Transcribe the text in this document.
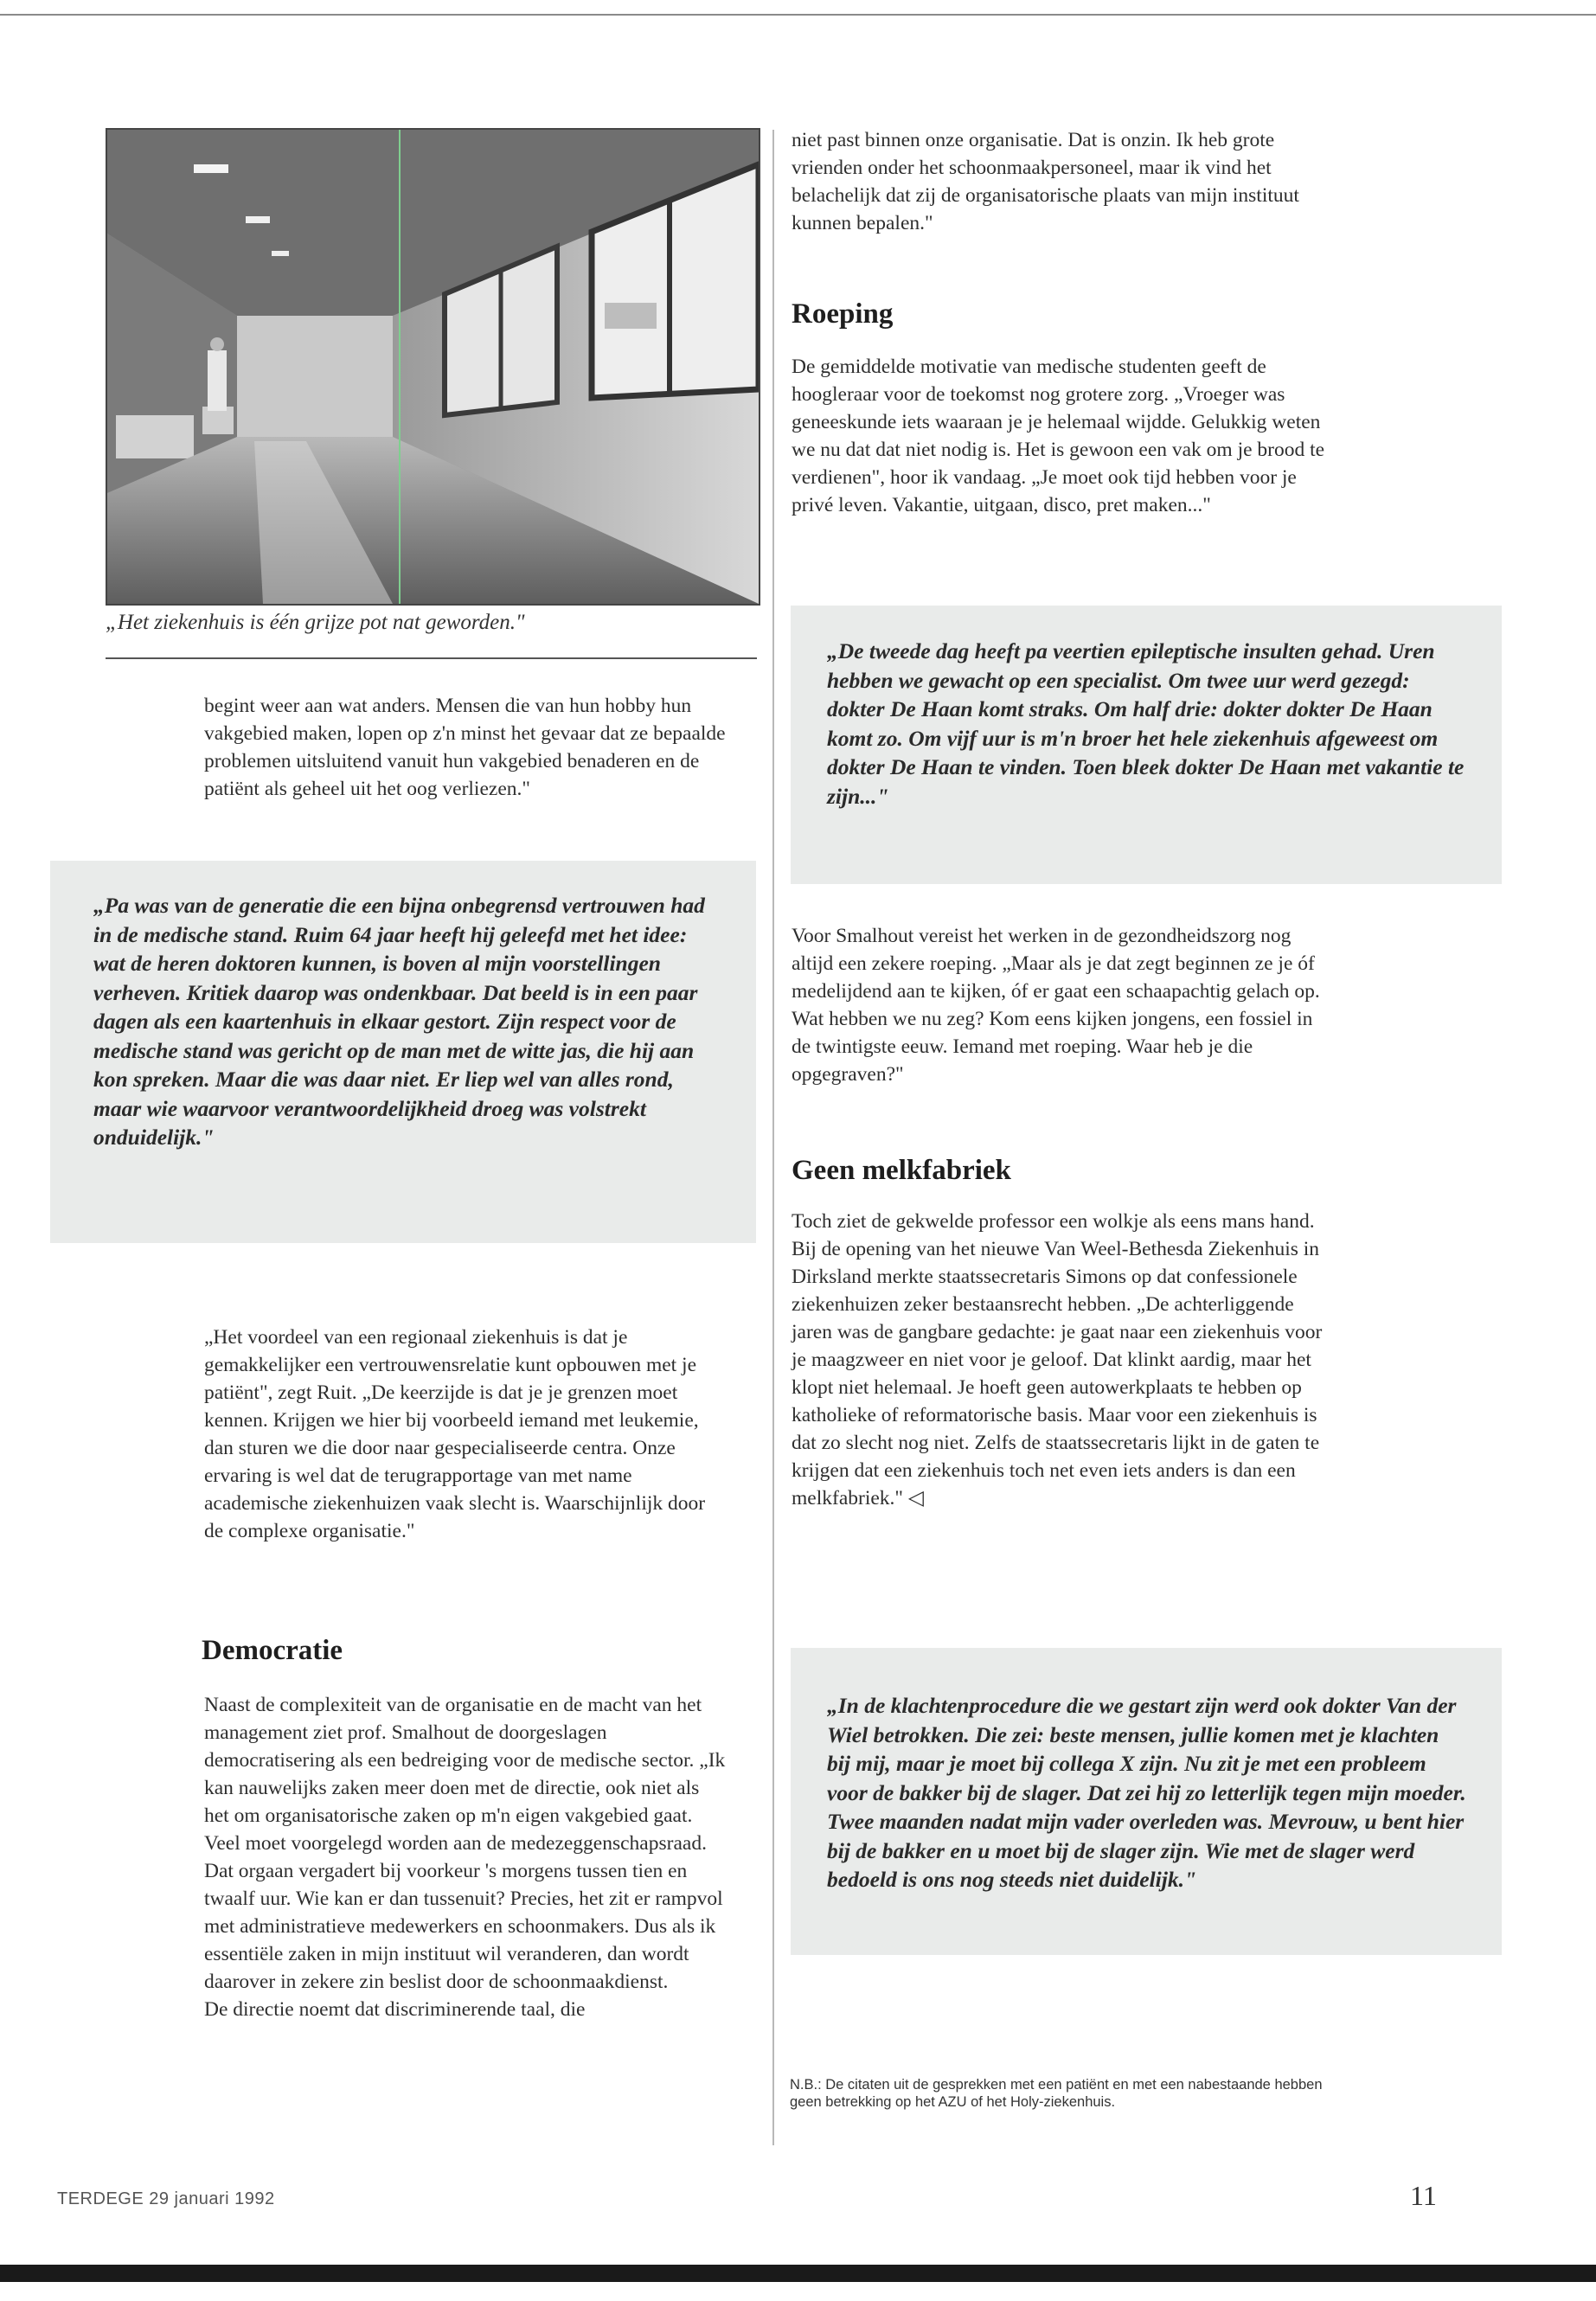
„Het ziekenhuis is één grijze pot nat geworden."
begint weer aan wat anders. Mensen die van hun hobby hun vakgebied maken, lopen op z'n minst het gevaar dat ze bepaalde problemen uitsluitend vanuit hun vakgebied benaderen en de patiënt als geheel uit het oog verliezen."

„Pa was van de generatie die een bijna onbegrensd vertrouwen had in de medische stand. Ruim 64 jaar heeft hij geleefd met het idee: wat de heren doktoren kunnen, is boven al mijn voorstellingen verheven. Kritiek daarop was ondenkbaar. Dat beeld is in een paar dagen als een kaartenhuis in elkaar gestort. Zijn respect voor de medische stand was gericht op de man met de witte jas, die hij aan kon spreken. Maar die was daar niet. Er liep wel van alles rond, maar wie waarvoor verantwoordelijkheid droeg was volstrekt onduidelijk."

„Het voordeel van een regionaal ziekenhuis is dat je gemakkelijker een vertrouwensrelatie kunt opbouwen met je patiënt", zegt Ruit. „De keerzijde is dat je je grenzen moet kennen. Krijgen we hier bij voorbeeld iemand met leukemie, dan sturen we die door naar gespecialiseerde centra. Onze ervaring is wel dat de terugrapportage van met name academische ziekenhuizen vaak slecht is. Waarschijnlijk door de complexe organisatie."
Democratie

Naast de complexiteit van de organisatie en de macht van het management ziet prof. Smalhout de doorgeslagen democratisering als een bedreiging voor de medische sector. „Ik kan nauwelijks zaken meer doen met de directie, ook niet als het om organisatorische zaken op m'n eigen vakgebied gaat. Veel moet voorgelegd worden aan de medezeggenschapsraad.

Dat orgaan vergadert bij voorkeur 's morgens tussen tien en twaalf uur. Wie kan er dan tussenuit? Precies, het zit er rampvol met administratieve medewerkers en schoonmakers. Dus als ik essentiële zaken in mijn instituut wil veranderen, dan wordt daarover in zekere zin beslist door de schoonmaakdienst.

De directie noemt dat discriminerende taal, die

niet past binnen onze organisatie. Dat is onzin. Ik heb grote vrienden onder het schoonmaakpersoneel, maar ik vind het belachelijk dat zij de organisatorische plaats van mijn instituut kunnen bepalen."
Roeping
De gemiddelde motivatie van medische studenten geeft de hoogleraar voor de toekomst nog grotere zorg. „Vroeger was geneeskunde iets waaraan je je helemaal wijdde. Gelukkig weten we nu dat dat niet nodig is. Het is gewoon een vak om je brood te verdienen", hoor ik vandaag. „Je moet ook tijd hebben voor je privé leven. Vakantie, uitgaan, disco, pret maken..."

„De tweede dag heeft pa veertien epileptische insulten gehad. Uren hebben we gewacht op een specialist. Om twee uur werd gezegd: dokter De Haan komt straks. Om half drie: dokter dokter De Haan komt zo. Om vijf uur is m'n broer het hele ziekenhuis afgeweest om dokter De Haan te vinden. Toen bleek dokter De Haan met vakantie te zijn..."

Voor Smalhout vereist het werken in de gezondheidszorg nog altijd een zekere roeping. „Maar als je dat zegt beginnen ze je óf medelijdend aan te kijken, óf er gaat een schaapachtig gelach op. Wat hebben we nu zeg? Kom eens kijken jongens, een fossiel in de twintigste eeuw. Iemand met roeping. Waar heb je die opgegraven?"
Geen melkfabriek
Toch ziet de gekwelde professor een wolkje als eens mans hand. Bij de opening van het nieuwe Van Weel-Bethesda Ziekenhuis in Dirksland merkte staatssecretaris Simons op dat confessionele ziekenhuizen zeker bestaansrecht hebben. „De achterliggende jaren was de gangbare gedachte: je gaat naar een ziekenhuis voor je maagzweer en niet voor je geloof. Dat klinkt aardig, maar het klopt niet helemaal. Je hoeft geen autowerkplaats te hebben op katholieke of reformatorische basis. Maar voor een ziekenhuis is dat zo slecht nog niet. Zelfs de staatssecretaris lijkt in de gaten te krijgen dat een ziekenhuis toch net even iets anders is dan een melkfabriek." ◁

„In de klachtenprocedure die we gestart zijn werd ook dokter Van der Wiel betrokken. Die zei: beste mensen, jullie komen met je klachten bij mij, maar je moet bij collega X zijn. Nu zit je met een probleem voor de bakker bij de slager. Dat zei hij zo letterlijk tegen mijn moeder. Twee maanden nadat mijn vader overleden was. Mevrouw, u bent hier bij de bakker en u moet bij de slager zijn. Wie met de slager werd bedoeld is ons nog steeds niet duidelijk."

N.B.: De citaten uit de gesprekken met een patiënt en met een nabestaande hebben geen betrekking op het AZU of het Holy-ziekenhuis.
TERDEGE 29 januari 1992	11
